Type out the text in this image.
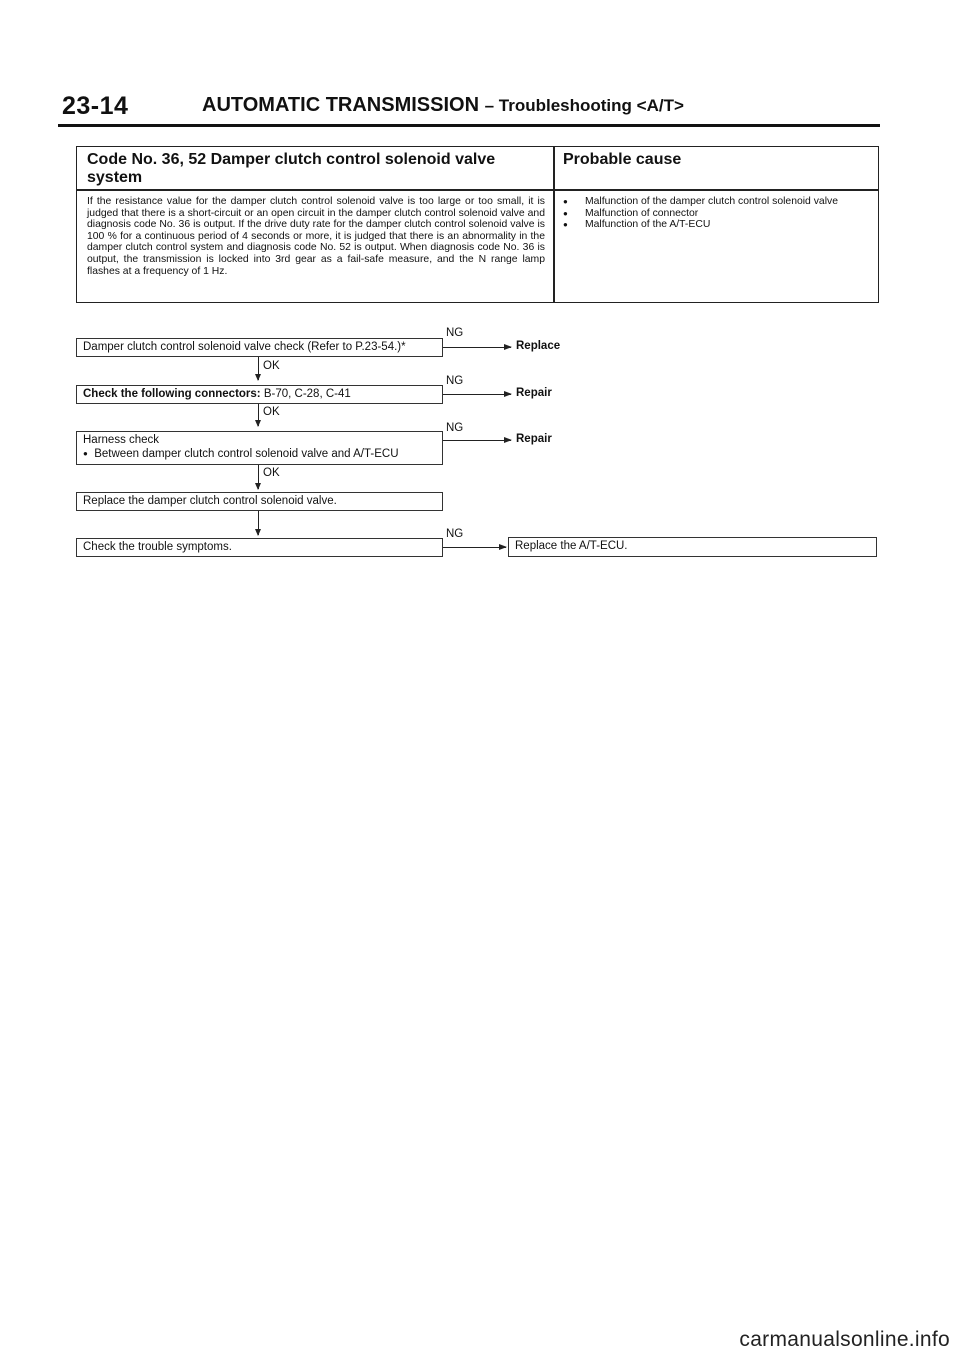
23-14	AUTOMATIC TRANSMISSION – Troubleshooting <A/T>
Code No. 36, 52 Damper clutch control solenoid valve system
Probable cause
If the resistance value for the damper clutch control solenoid valve is too large or too small, it is judged that there is a short-circuit or an open circuit in the damper clutch control solenoid valve and diagnosis code No. 36 is output. If the drive duty rate for the damper clutch control solenoid valve is 100 % for a continuous period of 4 seconds or more, it is judged that there is an abnormality in the damper clutch control system and diagnosis code No. 52 is output. When diagnosis code No. 36 is output, the transmission is locked into 3rd gear as a fail-safe measure, and the N range lamp flashes at a frequency of 1 Hz.
● Malfunction of the damper clutch control solenoid valve
● Malfunction of connector
● Malfunction of the A/T-ECU
Damper clutch control solenoid valve check (Refer to P.23-54.)*
NG
Replace
OK
Check the following connectors: B-70, C-28, C-41
NG
Repair
OK
Harness check
● Between damper clutch control solenoid valve and A/T-ECU
NG
Repair
OK
Replace the damper clutch control solenoid valve.
Check the trouble symptoms.
NG
Replace the A/T-ECU.
carmanualsonline.info
